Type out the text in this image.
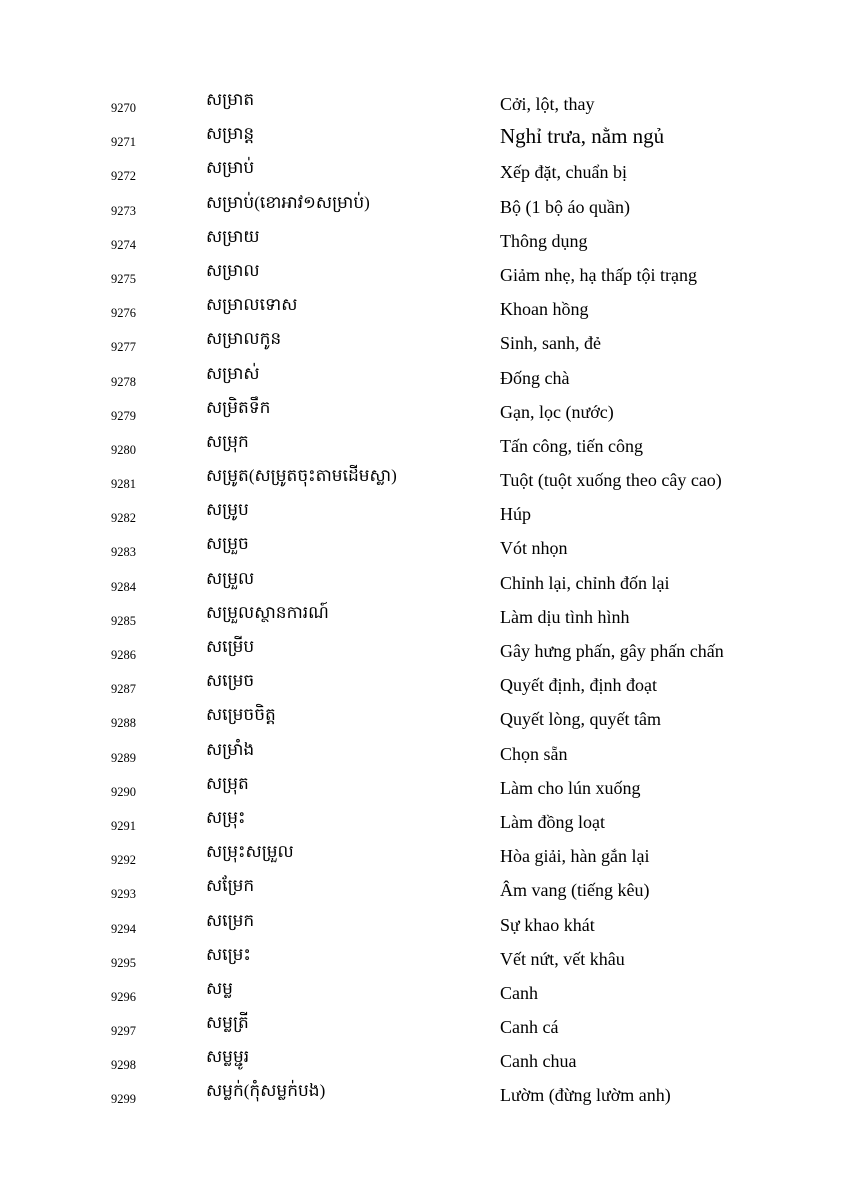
9270	សម្រាត	Cởi, lột, thay
9271	សម្រាន្ត	Nghỉ trưa, nằm ngủ
9272	សម្រាប់	Xếp đặt, chuẩn bị
9273	សម្រាប់(ខោអាវ១សម្រាប់)	Bộ (1 bộ áo quần)
9274	សម្រាយ	Thông dụng
9275	សម្រាល	Giảm nhẹ, hạ thấp tội trạng
9276	សម្រាលទោស	Khoan hồng
9277	សម្រាលកូន	Sinh, sanh, đẻ
9278	សម្រាស់	Đống chà
9279	សម្រិតទឹក	Gạn, lọc (nước)
9280	សម្រុក	Tấn công, tiến công
9281	សម្រូត(សម្រូតចុះតាមដើមស្លា)	Tuột (tuột xuống theo cây cao)
9282	សម្រូប	Húp
9283	សម្រួច	Vót nhọn
9284	សម្រួល	Chỉnh lại, chỉnh đốn lại
9285	សម្រួលស្ថានការណ៍	Làm dịu tình hình
9286	សម្រើប	Gây hưng phấn, gây phấn chấn
9287	សម្រេច	Quyết định, định đoạt
9288	សម្រេចចិត្ត	Quyết lòng, quyết tâm
9289	សម្រាំង	Chọn sẵn
9290	សម្រុត	Làm cho lún xuống
9291	សម្រុះ	Làm đồng loạt
9292	សម្រុះសម្រួល	Hòa giải, hàn gắn lại
9293	សម្រែក	Âm vang (tiếng kêu)
9294	សម្រេក	Sự khao khát
9295	សម្រេះ	Vết nứt, vết khâu
9296	សម្ល	Canh
9297	សម្លត្រី	Canh cá
9298	សម្លម្ជូរ	Canh chua
9299	សម្លក់(កុំសម្លក់បង)	Lườm (đừng lườm anh)
